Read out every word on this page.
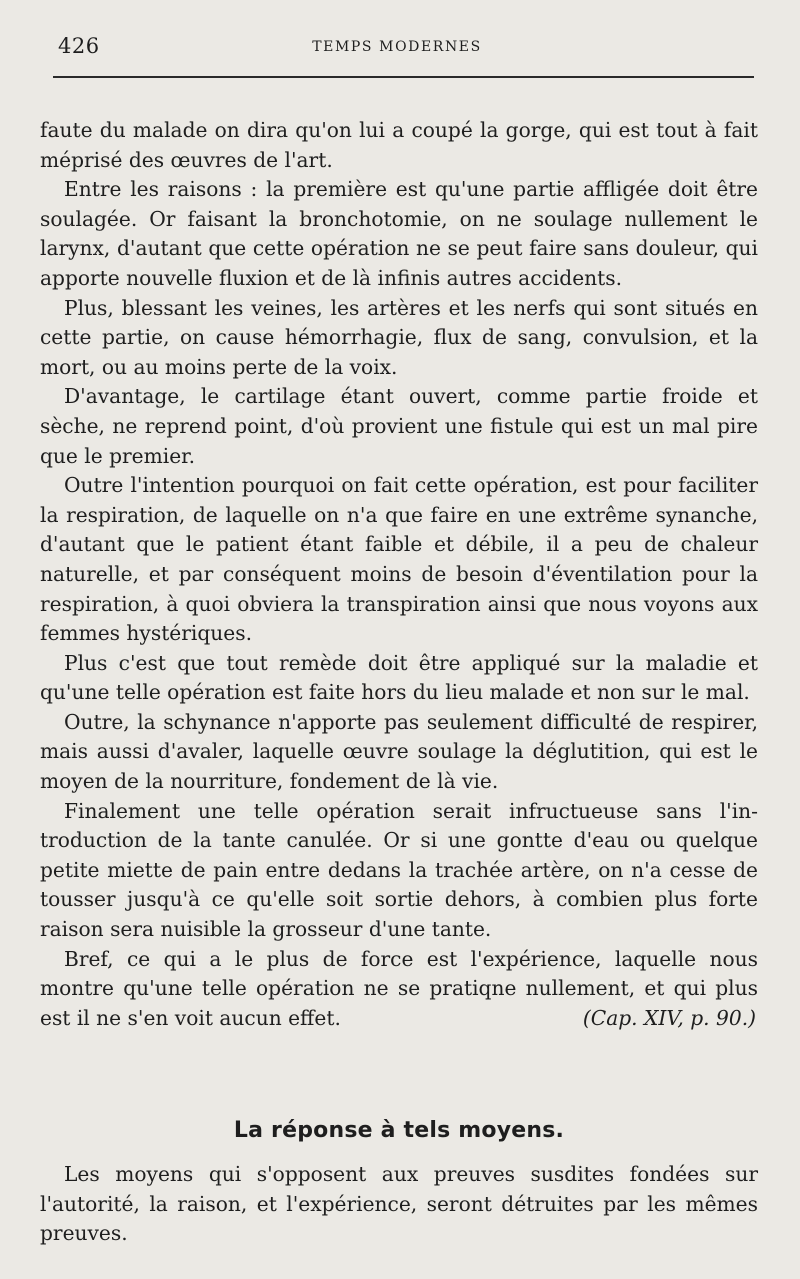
426	TEMPS MODERNES

faute du malade on dira qu'on lui a coupé la gorge, qui est tout à fait méprisé des œuvres de l'art.

Entre les raisons : la première est qu'une partie affligée doit être soulagée. Or faisant la bronchotomie, on ne soulage nullement le larynx, d'autant que cette opération ne se peut faire sans douleur, qui apporte nouvelle fluxion et de là infinis autres accidents.

Plus, blessant les veines, les artères et les nerfs qui sont situés en cette partie, on cause hémorrhagie, flux de sang, convulsion, et la mort, ou au moins perte de la voix.

D'avantage, le cartilage étant ouvert, comme partie froide et sèche, ne reprend point, d'où provient une fistule qui est un mal pire que le premier.

Outre l'intention pourquoi on fait cette opération, est pour faciliter la respiration, de laquelle on n'a que faire en une extrême synanche, d'autant que le patient étant faible et débile, il a peu de chaleur naturelle, et par conséquent moins de besoin d'éventilation pour la respiration, à quoi obviera la transpiration ainsi que nous voyons aux femmes hystériques.

Plus c'est que tout remède doit être appliqué sur la maladie et qu'une telle opération est faite hors du lieu malade et non sur le mal.

Outre, la schynance n'apporte pas seulement difficulté de respirer, mais aussi d'avaler, laquelle œuvre soulage la déglutition, qui est le moyen de la nourriture, fondement de là vie.

Finalement une telle opération serait infructueuse sans l'introduction de la tante canulée. Or si une gontte d'eau ou quelque petite miette de pain entre dedans la trachée artère, on n'a cesse de tousser jusqu'à ce qu'elle soit sortie dehors, à combien plus forte raison sera nuisible la grosseur d'une tante.

Bref, ce qui a le plus de force est l'expérience, laquelle nous montre qu'une telle opération ne se pratiqne nullement, et qui plus est il ne s'en voit aucun effet.	(Cap. XIV, p. 90.)

La réponse à tels moyens.

Les moyens qui s'opposent aux preuves susdites fondées sur l'autorité, la raison, et l'expérience, seront détruites par les mêmes preuves.
